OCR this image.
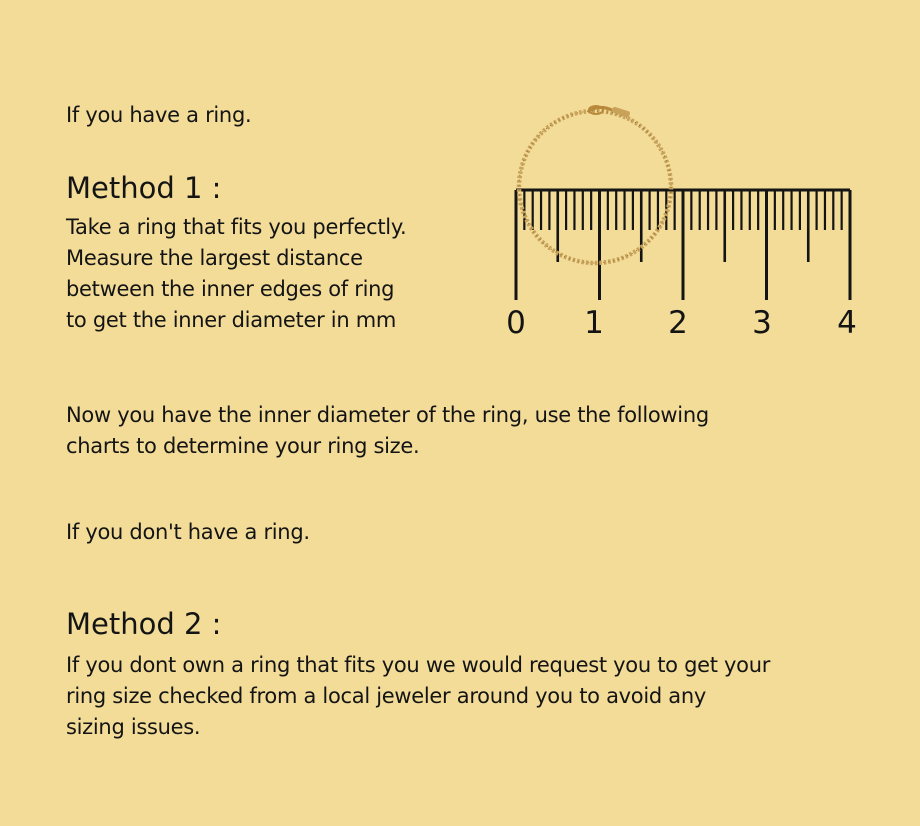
If you have a ring.

Method 1 :

Take a ring that fits you perfectly.
Measure the largest distance
between the inner edges of ring
to get the inner diameter in mm	0 1 2 3 4
Now you have the inner diameter of the ring, use the following
charts to determine your ring size.

If you don't have a ring.

Method 2 :

If you dont own a ring that fits you we would request you to get your
ring size checked from a local jeweler around you to avoid any
sizing issues.
